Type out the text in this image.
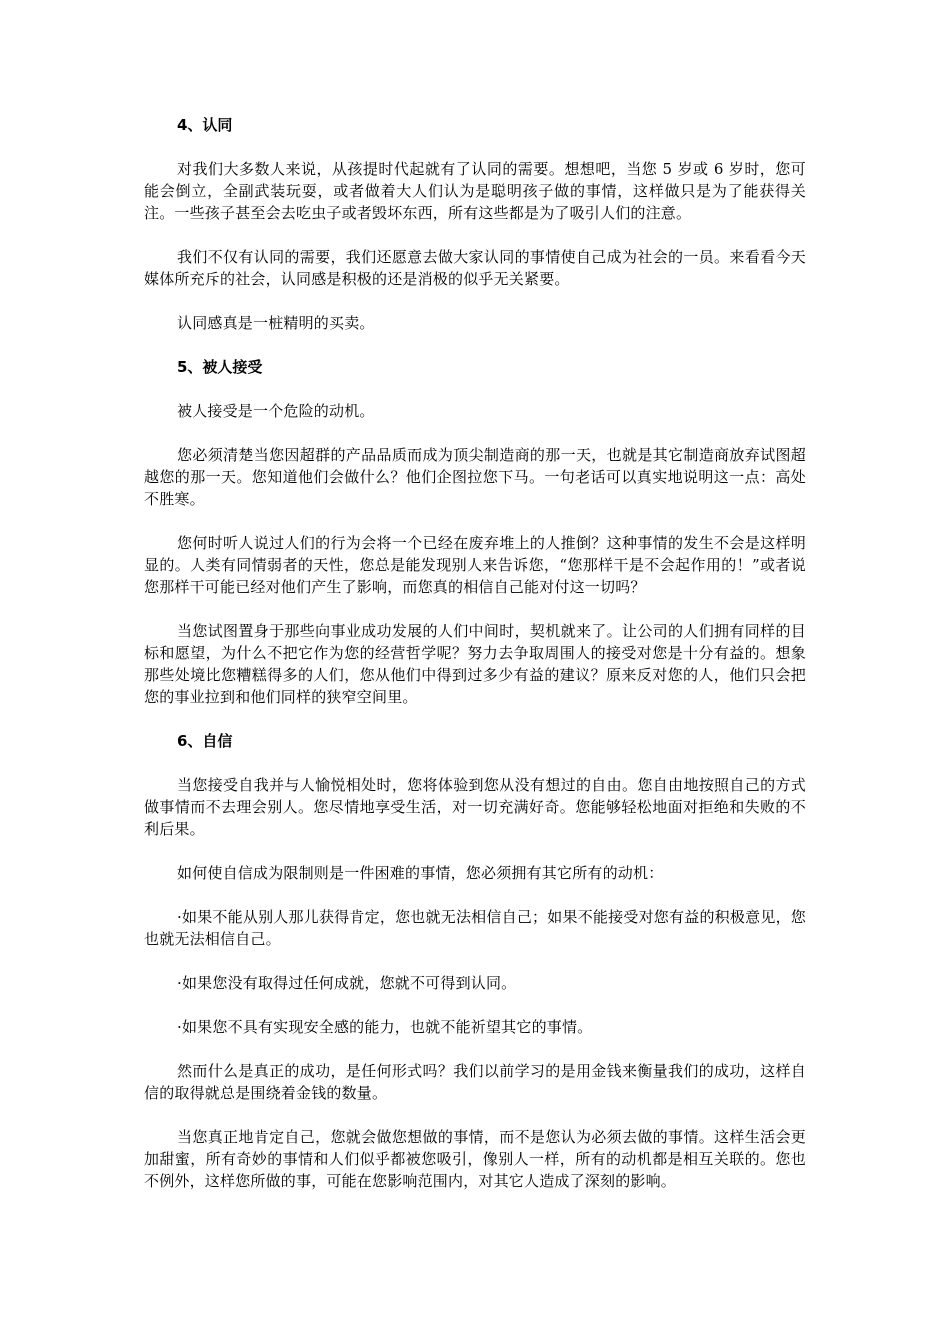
4、认同

对我们大多数人来说，从孩提时代起就有了认同的需要。想想吧，当您 5 岁或 6 岁时，您可能会倒立，全副武装玩耍，或者做着大人们认为是聪明孩子做的事情，这样做只是为了能获得关注。一些孩子甚至会去吃虫子或者毁坏东西，所有这些都是为了吸引人们的注意。

我们不仅有认同的需要，我们还愿意去做大家认同的事情使自己成为社会的一员。来看看今天媒体所充斥的社会，认同感是积极的还是消极的似乎无关紧要。

认同感真是一桩精明的买卖。

5、被人接受

被人接受是一个危险的动机。

您必须清楚当您因超群的产品品质而成为顶尖制造商的那一天，也就是其它制造商放弃试图超越您的那一天。您知道他们会做什么？他们企图拉您下马。一句老话可以真实地说明这一点：高处不胜寒。

您何时听人说过人们的行为会将一个已经在废弃堆上的人推倒？这种事情的发生不会是这样明显的。人类有同情弱者的天性，您总是能发现别人来告诉您，“您那样干是不会起作用的！”或者说您那样干可能已经对他们产生了影响，而您真的相信自己能对付这一切吗？

当您试图置身于那些向事业成功发展的人们中间时，契机就来了。让公司的人们拥有同样的目标和愿望，为什么不把它作为您的经营哲学呢？努力去争取周围人的接受对您是十分有益的。想象那些处境比您糟糕得多的人们，您从他们中得到过多少有益的建议？原来反对您的人，他们只会把您的事业拉到和他们同样的狭窄空间里。

6、自信

当您接受自我并与人愉悦相处时，您将体验到您从没有想过的自由。您自由地按照自己的方式做事情而不去理会别人。您尽情地享受生活，对一切充满好奇。您能够轻松地面对拒绝和失败的不利后果。

如何使自信成为限制则是一件困难的事情，您必须拥有其它所有的动机：

·如果不能从别人那儿获得肯定，您也就无法相信自己；如果不能接受对您有益的积极意见，您也就无法相信自己。

·如果您没有取得过任何成就，您就不可得到认同。

·如果您不具有实现安全感的能力，也就不能祈望其它的事情。

然而什么是真正的成功，是任何形式吗？我们以前学习的是用金钱来衡量我们的成功，这样自信的取得就总是围绕着金钱的数量。

当您真正地肯定自己，您就会做您想做的事情，而不是您认为必须去做的事情。这样生活会更加甜蜜，所有奇妙的事情和人们似乎都被您吸引，像别人一样，所有的动机都是相互关联的。您也不例外，这样您所做的事，可能在您影响范围内，对其它人造成了深刻的影响。
